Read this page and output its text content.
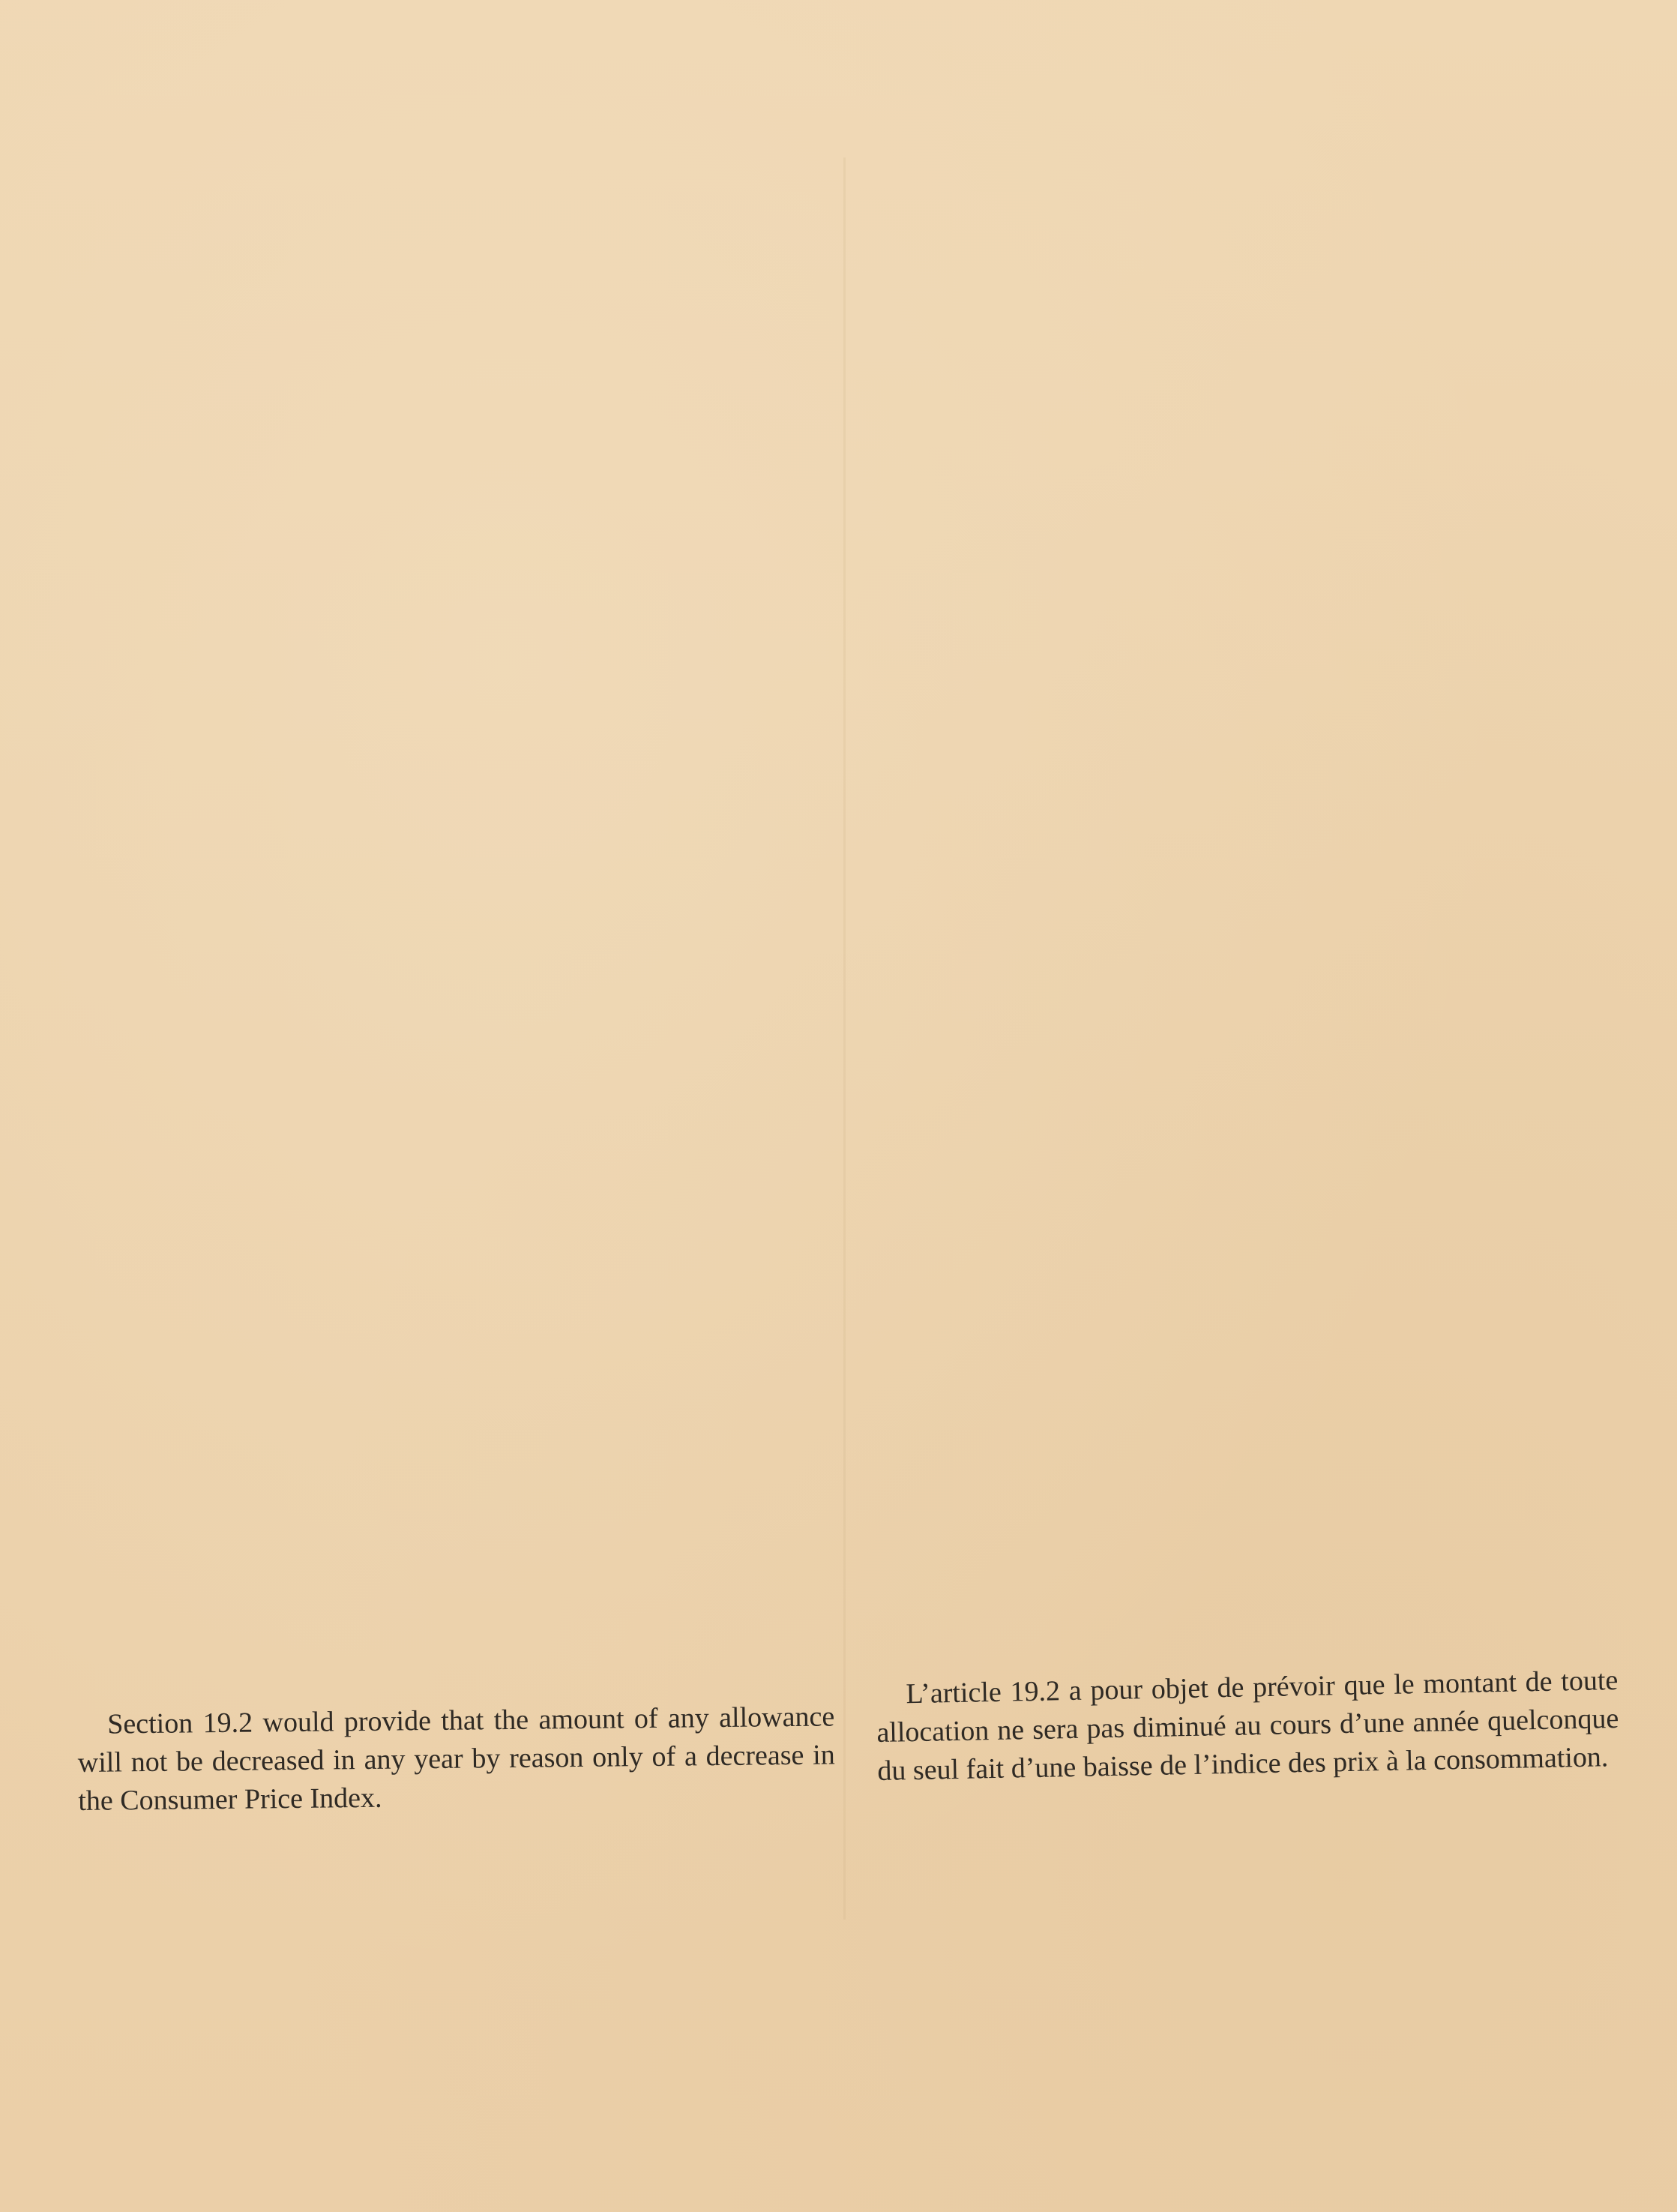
Section 19.2 would provide that the amount of any allowance will not be decreased in any year by reason only of a decrease in the Consumer Price Index.

L’article 19.2 a pour objet de prévoir que le montant de toute allocation ne sera pas diminué au cours d’une année quelconque du seul fait d’une baisse de l’indice des prix à la consommation.
